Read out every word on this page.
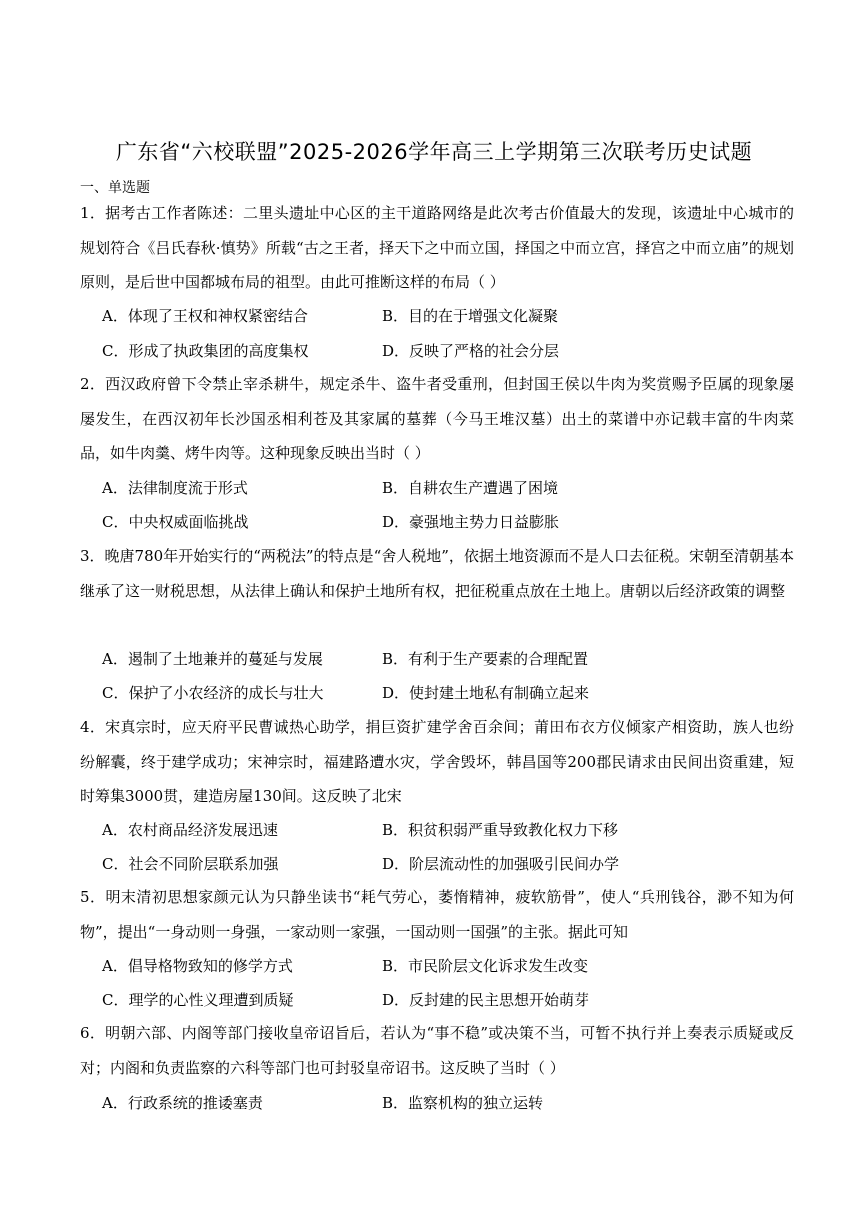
广东省“六校联盟”2025-2026学年高三上学期第三次联考历史试题
一、单选题
1．据考古工作者陈述：二里头遗址中心区的主干道路网络是此次考古价值最大的发现，该遗址中心城市的规划符合《吕氏春秋·慎势》所载“古之王者，择天下之中而立国，择国之中而立宫，择宫之中而立庙”的规划原则，是后世中国都城布局的祖型。由此可推断这样的布局（ ）
A．体现了王权和神权紧密结合	B．目的在于增强文化凝聚
C．形成了执政集团的高度集权	D．反映了严格的社会分层
2．西汉政府曾下令禁止宰杀耕牛，规定杀牛、盗牛者受重刑，但封国王侯以牛肉为奖赏赐予臣属的现象屡屡发生，在西汉初年长沙国丞相利苍及其家属的墓葬（今马王堆汉墓）出土的菜谱中亦记载丰富的牛肉菜品，如牛肉羹、烤牛肉等。这种现象反映出当时（ ）
A．法律制度流于形式	B．自耕农生产遭遇了困境
C．中央权威面临挑战	D．豪强地主势力日益膨胀
3．晚唐780年开始实行的“两税法”的特点是“舍人税地”，依据土地资源而不是人口去征税。宋朝至清朝基本继承了这一财税思想，从法律上确认和保护土地所有权，把征税重点放在土地上。唐朝以后经济政策的调整
A．遏制了土地兼并的蔓延与发展	B．有利于生产要素的合理配置
C．保护了小农经济的成长与壮大	D．使封建土地私有制确立起来
4．宋真宗时，应天府平民曹诚热心助学，捐巨资扩建学舍百余间；莆田布衣方仪倾家产相资助，族人也纷纷解囊，终于建学成功；宋神宗时，福建路遭水灾，学舍毁坏，韩昌国等200郡民请求由民间出资重建，短时筹集3000贯，建造房屋130间。这反映了北宋
A．农村商品经济发展迅速	B．积贫积弱严重导致教化权力下移
C．社会不同阶层联系加强	D．阶层流动性的加强吸引民间办学
5．明末清初思想家颜元认为只静坐读书“耗气劳心，萎惰精神，疲软筋骨”，使人“兵刑钱谷，渺不知为何物”，提出“一身动则一身强，一家动则一家强，一国动则一国强”的主张。据此可知
A．倡导格物致知的修学方式	B．市民阶层文化诉求发生改变
C．理学的心性义理遭到质疑	D．反封建的民主思想开始萌芽
6．明朝六部、内阁等部门接收皇帝诏旨后，若认为“事不稳”或决策不当，可暂不执行并上奏表示质疑或反对；内阁和负责监察的六科等部门也可封驳皇帝诏书。这反映了当时（ ）
A．行政系统的推诿塞责	B．监察机构的独立运转
